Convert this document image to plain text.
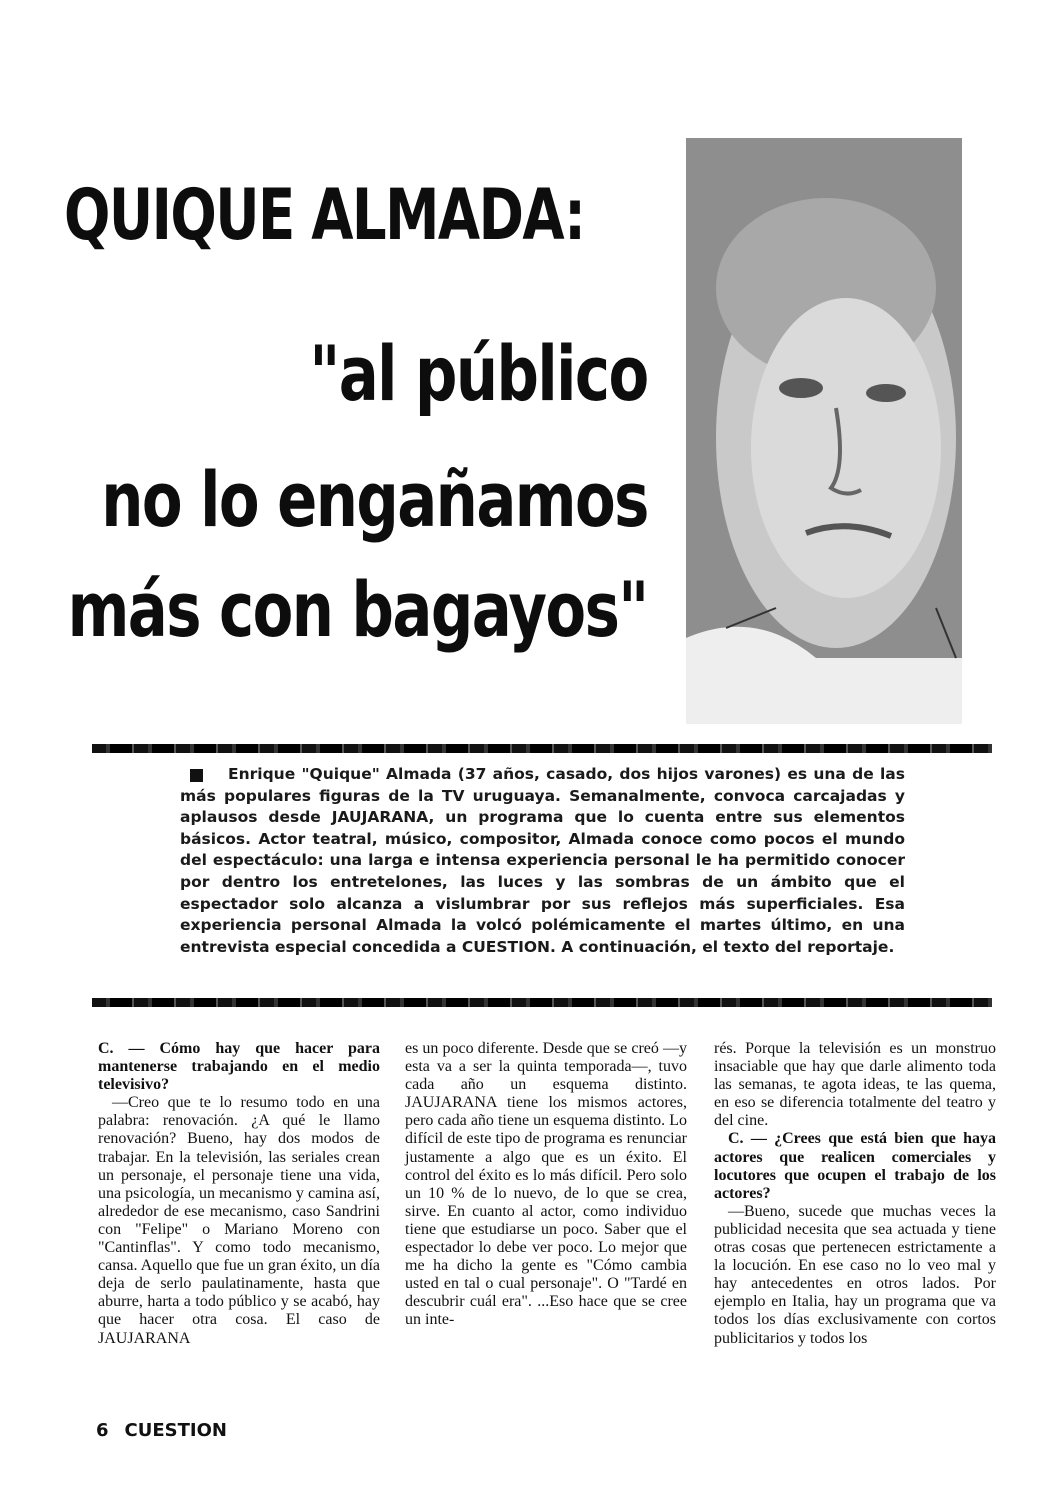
QUIQUE ALMADA:
"al público
no lo engañamos
más con bagayos"
Enrique "Quique" Almada (37 años, casado, dos hijos varones) es una de las más populares figuras de la TV uruguaya. Semanalmente, convoca carcajadas y aplausos desde JAUJARANA, un programa que lo cuenta entre sus elementos básicos. Actor teatral, músico, compositor, Almada conoce como pocos el mundo del espectáculo: una larga e intensa experiencia personal le ha permitido conocer por dentro los entretelones, las luces y las sombras de un ámbito que el espectador solo alcanza a vislumbrar por sus reflejos más superficiales. Esa experiencia personal Almada la volcó polémicamente el martes último, en una entrevista especial concedida a CUESTION. A continuación, el texto del reportaje.

C. — Cómo hay que hacer para mantenerse trabajando en el medio televisivo?

—Creo que te lo resumo todo en una palabra: renovación. ¿A qué le llamo renovación? Bueno, hay dos modos de trabajar. En la televisión, las seriales crean un personaje, el personaje tiene una vida, una psicología, un mecanismo y camina así, alrededor de ese mecanismo, caso Sandrini con "Felipe" o Mariano Moreno con "Cantinflas". Y como todo mecanismo, cansa. Aquello que fue un gran éxito, un día deja de serlo paulatinamente, hasta que aburre, harta a todo público y se acabó, hay que hacer otra cosa. El caso de JAUJARANA

es un poco diferente. Desde que se creó —y esta va a ser la quinta temporada—, tuvo cada año un esquema distinto. JAUJARANA tiene los mismos actores, pero cada año tiene un esquema distinto. Lo difícil de este tipo de programa es renunciar justamente a algo que es un éxito. El control del éxito es lo más difícil. Pero solo un 10 % de lo nuevo, de lo que se crea, sirve. En cuanto al actor, como individuo tiene que estudiarse un poco. Saber que el espectador lo debe ver poco. Lo mejor que me ha dicho la gente es "Cómo cambia usted en tal o cual personaje". O "Tardé en descubrir cuál era". ...Eso hace que se cree un inte-

rés. Porque la televisión es un monstruo insaciable que hay que darle alimento toda las semanas, te agota ideas, te las quema, en eso se diferencia totalmente del teatro y del cine.

C. — ¿Crees que está bien que haya actores que realicen comerciales y locutores que ocupen el trabajo de los actores?

—Bueno, sucede que muchas veces la publicidad necesita que sea actuada y tiene otras cosas que pertenecen estrictamente a la locución. En ese caso no lo veo mal y hay antecedentes en otros lados. Por ejemplo en Italia, hay un programa que va todos los días exclusivamente con cortos publicitarios y todos los

6 CUESTION
